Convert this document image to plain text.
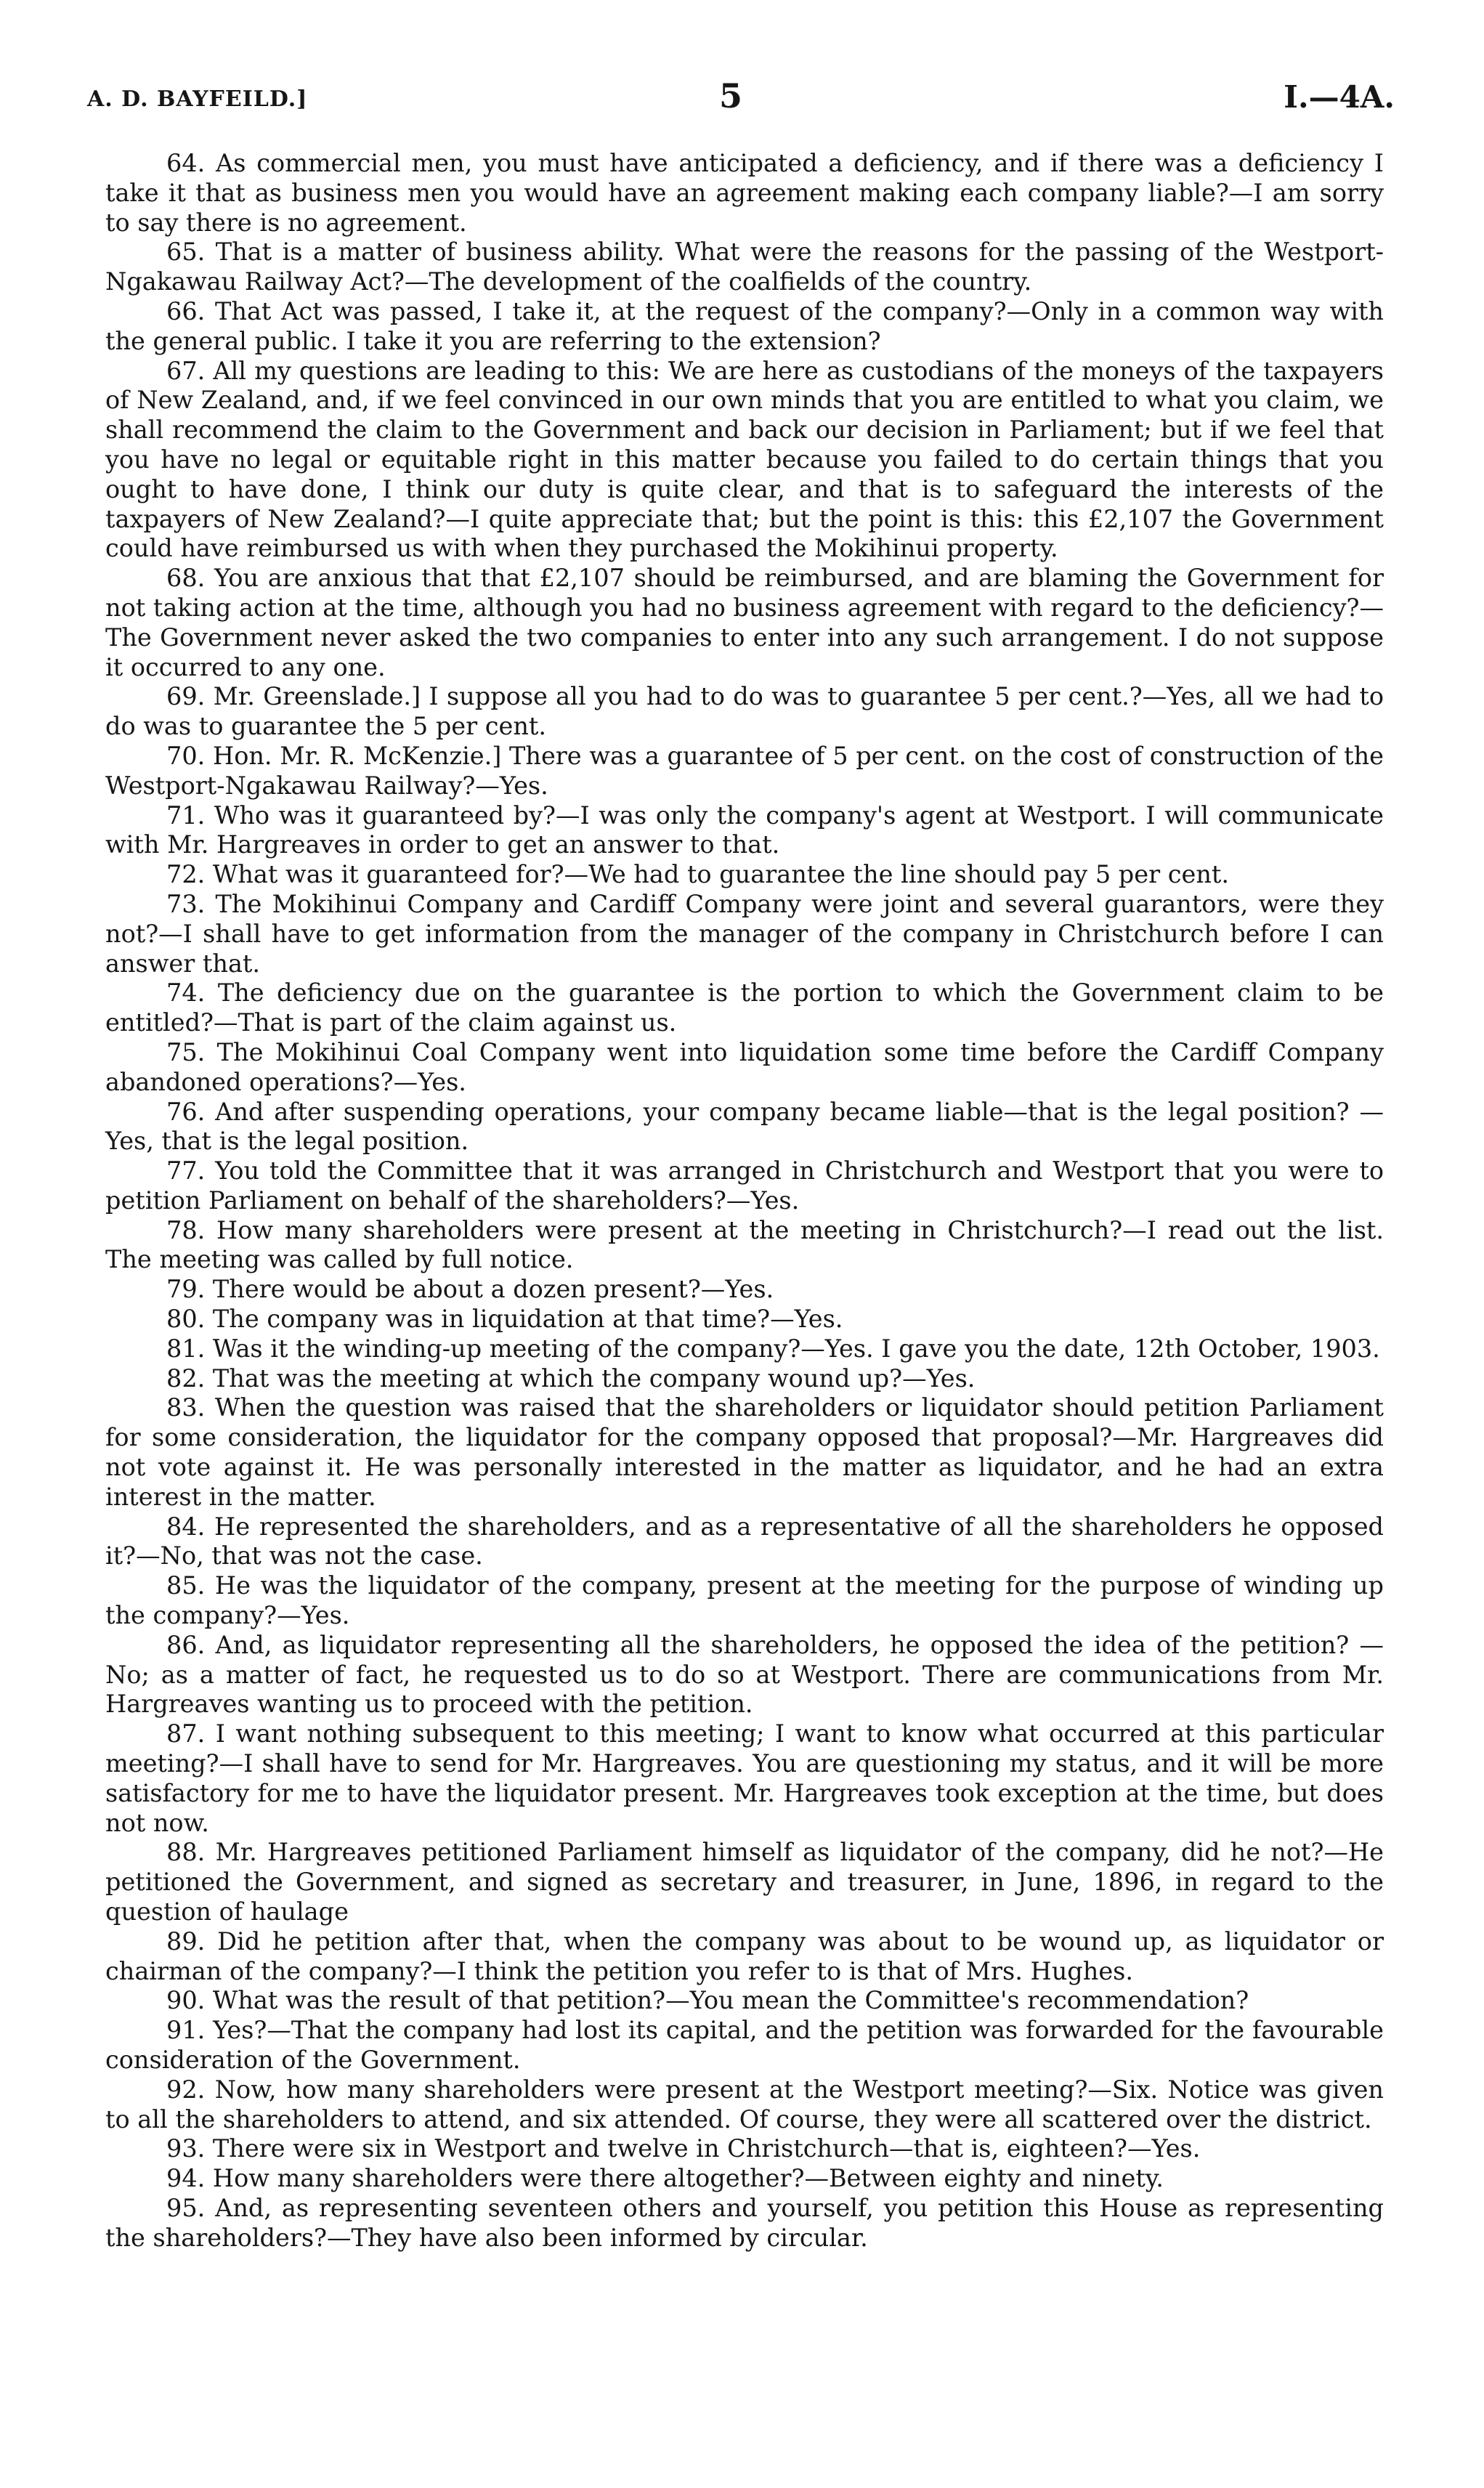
A. D. BAYFEILD.]	5	I.—4A.

64. As commercial men, you must have anticipated a deficiency, and if there was a deficiency I take it that as business men you would have an agreement making each company liable?—I am sorry to say there is no agreement.

65. That is a matter of business ability. What were the reasons for the passing of the Westport-Ngakawau Railway Act?—The development of the coalfields of the country.

66. That Act was passed, I take it, at the request of the company?—Only in a common way with the general public. I take it you are referring to the extension?

67. All my questions are leading to this: We are here as custodians of the moneys of the taxpayers of New Zealand, and, if we feel convinced in our own minds that you are entitled to what you claim, we shall recommend the claim to the Government and back our decision in Parliament; but if we feel that you have no legal or equitable right in this matter because you failed to do certain things that you ought to have done, I think our duty is quite clear, and that is to safeguard the interests of the taxpayers of New Zealand?—I quite appreciate that; but the point is this: this £2,107 the Government could have reimbursed us with when they purchased the Mokihinui property.

68. You are anxious that that £2,107 should be reimbursed, and are blaming the Government for not taking action at the time, although you had no business agreement with regard to the deficiency?—The Government never asked the two companies to enter into any such arrangement. I do not suppose it occurred to any one.

69. Mr. Greenslade.] I suppose all you had to do was to guarantee 5 per cent.?—Yes, all we had to do was to guarantee the 5 per cent.

70. Hon. Mr. R. McKenzie.] There was a guarantee of 5 per cent. on the cost of construction of the Westport-Ngakawau Railway?—Yes.

71. Who was it guaranteed by?—I was only the company's agent at Westport. I will communicate with Mr. Hargreaves in order to get an answer to that.

72. What was it guaranteed for?—We had to guarantee the line should pay 5 per cent.

73. The Mokihinui Company and Cardiff Company were joint and several guarantors, were they not?—I shall have to get information from the manager of the company in Christchurch before I can answer that.

74. The deficiency due on the guarantee is the portion to which the Government claim to be entitled?—That is part of the claim against us.

75. The Mokihinui Coal Company went into liquidation some time before the Cardiff Company abandoned operations?—Yes.

76. And after suspending operations, your company became liable—that is the legal position? —Yes, that is the legal position.

77. You told the Committee that it was arranged in Christchurch and Westport that you were to petition Parliament on behalf of the shareholders?—Yes.

78. How many shareholders were present at the meeting in Christchurch?—I read out the list. The meeting was called by full notice.

79. There would be about a dozen present?—Yes.

80. The company was in liquidation at that time?—Yes.

81. Was it the winding-up meeting of the company?—Yes. I gave you the date, 12th October, 1903.

82. That was the meeting at which the company wound up?—Yes.

83. When the question was raised that the shareholders or liquidator should petition Parliament for some consideration, the liquidator for the company opposed that proposal?—Mr. Hargreaves did not vote against it. He was personally interested in the matter as liquidator, and he had an extra interest in the matter.

84. He represented the shareholders, and as a representative of all the shareholders he opposed it?—No, that was not the case.

85. He was the liquidator of the company, present at the meeting for the purpose of winding up the company?—Yes.

86. And, as liquidator representing all the shareholders, he opposed the idea of the petition? —No; as a matter of fact, he requested us to do so at Westport. There are communications from Mr. Hargreaves wanting us to proceed with the petition.

87. I want nothing subsequent to this meeting; I want to know what occurred at this particular meeting?—I shall have to send for Mr. Hargreaves. You are questioning my status, and it will be more satisfactory for me to have the liquidator present. Mr. Hargreaves took exception at the time, but does not now.

88. Mr. Hargreaves petitioned Parliament himself as liquidator of the company, did he not?—He petitioned the Government, and signed as secretary and treasurer, in June, 1896, in regard to the question of haulage

89. Did he petition after that, when the company was about to be wound up, as liquidator or chairman of the company?—I think the petition you refer to is that of Mrs. Hughes.

90. What was the result of that petition?—You mean the Committee's recommendation?

91. Yes?—That the company had lost its capital, and the petition was forwarded for the favourable consideration of the Government.

92. Now, how many shareholders were present at the Westport meeting?—Six. Notice was given to all the shareholders to attend, and six attended. Of course, they were all scattered over the district.

93. There were six in Westport and twelve in Christchurch—that is, eighteen?—Yes.

94. How many shareholders were there altogether?—Between eighty and ninety.

95. And, as representing seventeen others and yourself, you petition this House as representing the shareholders?—They have also been informed by circular.
